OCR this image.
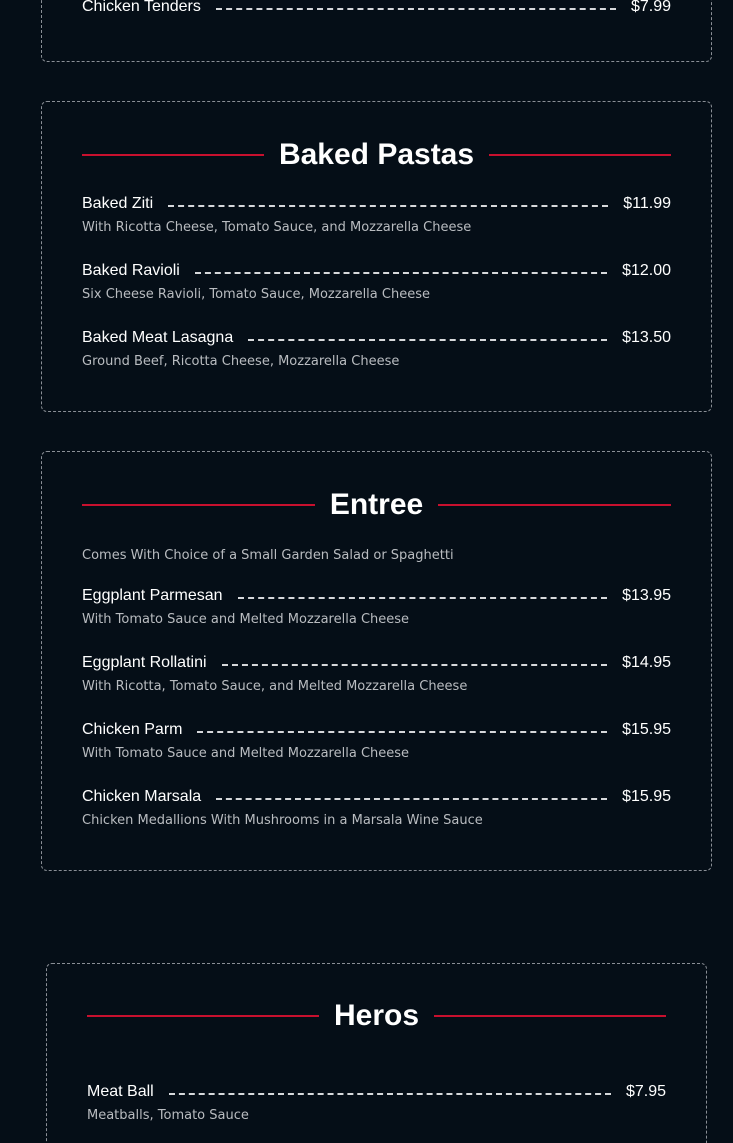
Chicken Tenders	$7.99
Baked Pastas
Baked Ziti	$11.99
With Ricotta Cheese, Tomato Sauce, and Mozzarella Cheese
Baked Ravioli	$12.00
Six Cheese Ravioli, Tomato Sauce, Mozzarella Cheese
Baked Meat Lasagna	$13.50
Ground Beef, Ricotta Cheese, Mozzarella Cheese
Entree
Comes With Choice of a Small Garden Salad or Spaghetti
Eggplant Parmesan	$13.95
With Tomato Sauce and Melted Mozzarella Cheese
Eggplant Rollatini	$14.95
With Ricotta, Tomato Sauce, and Melted Mozzarella Cheese
Chicken Parm	$15.95
With Tomato Sauce and Melted Mozzarella Cheese
Chicken Marsala	$15.95
Chicken Medallions With Mushrooms in a Marsala Wine Sauce
Heros
Meat Ball	$7.95
Meatballs, Tomato Sauce
